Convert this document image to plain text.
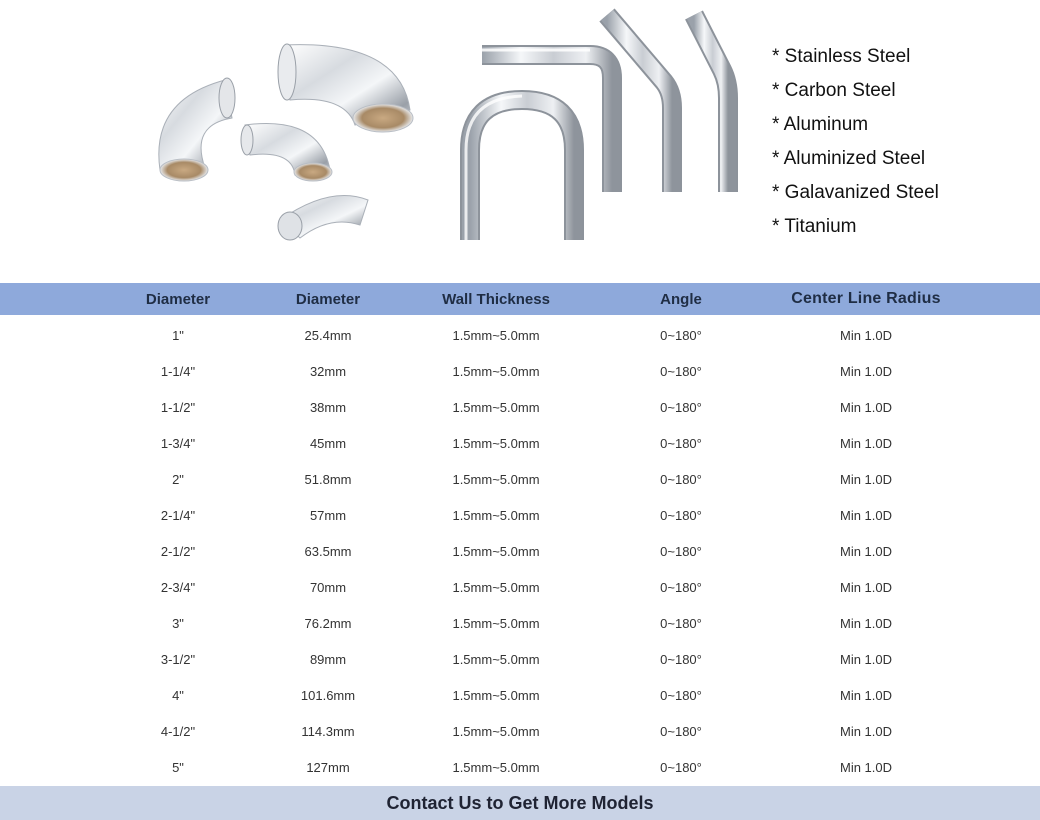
* Stainless Steel
* Carbon Steel
* Aluminum
* Aluminized Steel
* Galavanized Steel
* Titanium
Diameter	Diameter	Wall Thickness	Angle	Center Line Radius
1"	25.4mm	1.5mm~5.0mm	0~180°	Min 1.0D
1-1/4"	32mm	1.5mm~5.0mm	0~180°	Min 1.0D
1-1/2"	38mm	1.5mm~5.0mm	0~180°	Min 1.0D
1-3/4"	45mm	1.5mm~5.0mm	0~180°	Min 1.0D
2"	51.8mm	1.5mm~5.0mm	0~180°	Min 1.0D
2-1/4"	57mm	1.5mm~5.0mm	0~180°	Min 1.0D
2-1/2"	63.5mm	1.5mm~5.0mm	0~180°	Min 1.0D
2-3/4"	70mm	1.5mm~5.0mm	0~180°	Min 1.0D
3"	76.2mm	1.5mm~5.0mm	0~180°	Min 1.0D
3-1/2"	89mm	1.5mm~5.0mm	0~180°	Min 1.0D
4"	101.6mm	1.5mm~5.0mm	0~180°	Min 1.0D
4-1/2"	114.3mm	1.5mm~5.0mm	0~180°	Min 1.0D
5"	127mm	1.5mm~5.0mm	0~180°	Min 1.0D
Contact Us to Get More Models
